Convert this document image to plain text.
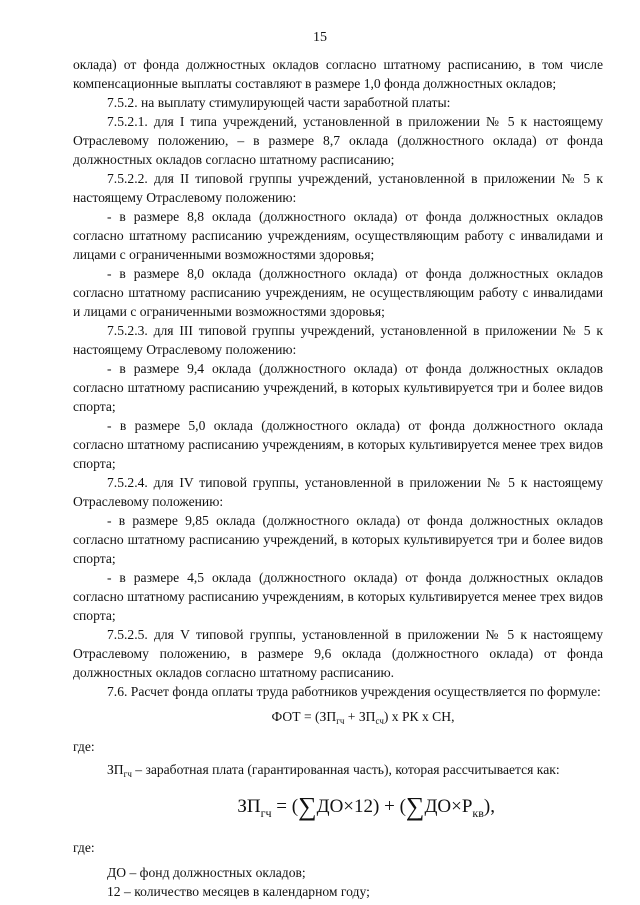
15

оклада) от фонда должностных окладов согласно штатному расписанию, в том числе компенсационные выплаты составляют в размере 1,0 фонда должностных окладов;

7.5.2. на выплату стимулирующей части заработной платы:

7.5.2.1. для I типа учреждений, установленной в приложении № 5 к настоящему Отраслевому положению, – в размере 8,7 оклада (должностного оклада) от фонда должностных окладов согласно штатному расписанию;

7.5.2.2. для II типовой группы учреждений, установленной в приложении № 5 к настоящему Отраслевому положению:

- в размере 8,8 оклада (должностного оклада) от фонда должностных окладов согласно штатному расписанию учреждениям, осуществляющим работу с инвалидами и лицами с ограниченными возможностями здоровья;

- в размере 8,0 оклада (должностного оклада) от фонда должностных окладов согласно штатному расписанию учреждениям, не осуществляющим работу с инвалидами и лицами с ограниченными возможностями здоровья;

7.5.2.3. для III типовой группы учреждений, установленной в приложении № 5 к настоящему Отраслевому положению:

- в размере 9,4 оклада (должностного оклада) от фонда должностных окладов согласно штатному расписанию учреждений, в которых культивируется три и более видов спорта;

- в размере 5,0 оклада (должностного оклада) от фонда должностного оклада согласно штатному расписанию учреждениям, в которых культивируется менее трех видов спорта;

7.5.2.4. для IV типовой группы, установленной в приложении № 5 к настоящему Отраслевому положению:

- в размере 9,85 оклада (должностного оклада) от фонда должностных окладов согласно штатному расписанию учреждений, в которых культивируется три и более видов спорта;

- в размере 4,5 оклада (должностного оклада) от фонда должностных окладов согласно штатному расписанию учреждениям, в которых культивируется менее трех видов спорта;

7.5.2.5. для V типовой группы, установленной в приложении № 5 к настоящему Отраслевому положению, в размере 9,6 оклада (должностного оклада) от фонда должностных окладов согласно штатному расписанию.

7.6. Расчет фонда оплаты труда работников учреждения осуществляется по формуле:

ФОТ = $(ЗП_{гч} + ЗП_{сч})$ х РК х СН,

где:

$ЗП_{гч}$ – заработная плата (гарантированная часть), которая рассчитывается как:

$ЗП_{гч} = (\sum ДО\times 12) + (\sum ДО\times Р_{кв})$,

где:

ДО – фонд должностных окладов;

12 – количество месяцев в календарном году;
